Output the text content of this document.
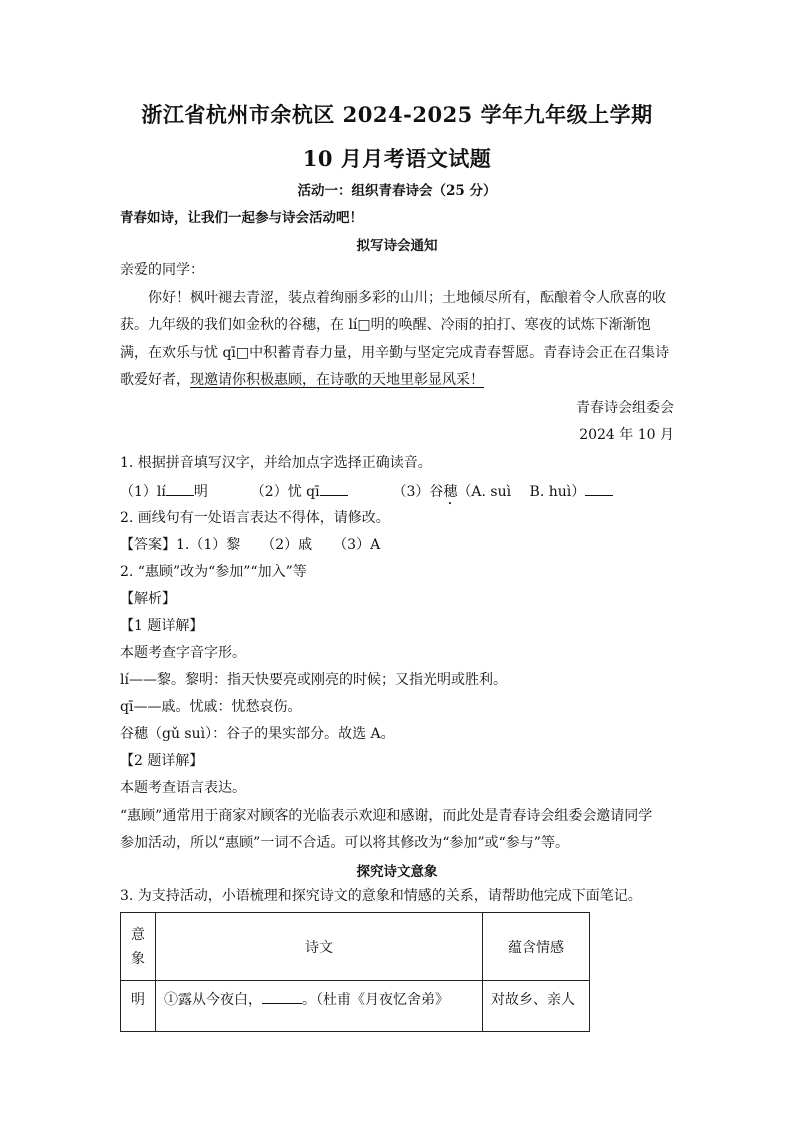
浙江省杭州市余杭区 2024-2025 学年九年级上学期
10 月月考语文试题
活动一：组织青春诗会（25 分）
青春如诗，让我们一起参与诗会活动吧！
拟写诗会通知
亲爱的同学：
你好！枫叶褪去青涩，装点着绚丽多彩的山川；土地倾尽所有，酝酿着令人欣喜的收
获。九年级的我们如金秋的谷穗，在 lí□明的唤醒、冷雨的拍打、寒夜的试炼下渐渐饱
满，在欢乐与忧 qī□中积蓄青春力量，用辛勤与坚定完成青春誓愿。青春诗会正在召集诗
歌爱好者，现邀请你积极惠顾，在诗歌的天地里彰显风采！
青春诗会组委会
2024 年 10 月
1. 根据拼音填写汉字，并给加点字选择正确读音。
（1）lí 明	（2）忧 qī	（3）谷穗（A. suì　 B. huì）
2. 画线句有一处语言表达不得体，请修改。
【答案】1.（1）黎　　（2）戚　　（3）A
2. “惠顾”改为“参加”“加入”等
【解析】
【1 题详解】
本题考查字音字形。
lí——黎。黎明：指天快要亮或刚亮的时候；又指光明或胜利。
qī——戚。忧戚：忧愁哀伤。
谷穗（gǔ suì）：谷子的果实部分。故选 A。
【2 题详解】
本题考查语言表达。
“惠顾”通常用于商家对顾客的光临表示欢迎和感谢，而此处是青春诗会组委会邀请同学
参加活动，所以“惠顾”一词不合适。可以将其修改为“参加”或“参与”等。
探究诗文意象
3. 为支持活动，小语梳理和探究诗文的意象和情感的关系，请帮助他完成下面笔记。
意象	诗文	蕴含情感
明	①露从今夜白， 。（杜甫《月夜忆舍弟》	对故乡、亲人
